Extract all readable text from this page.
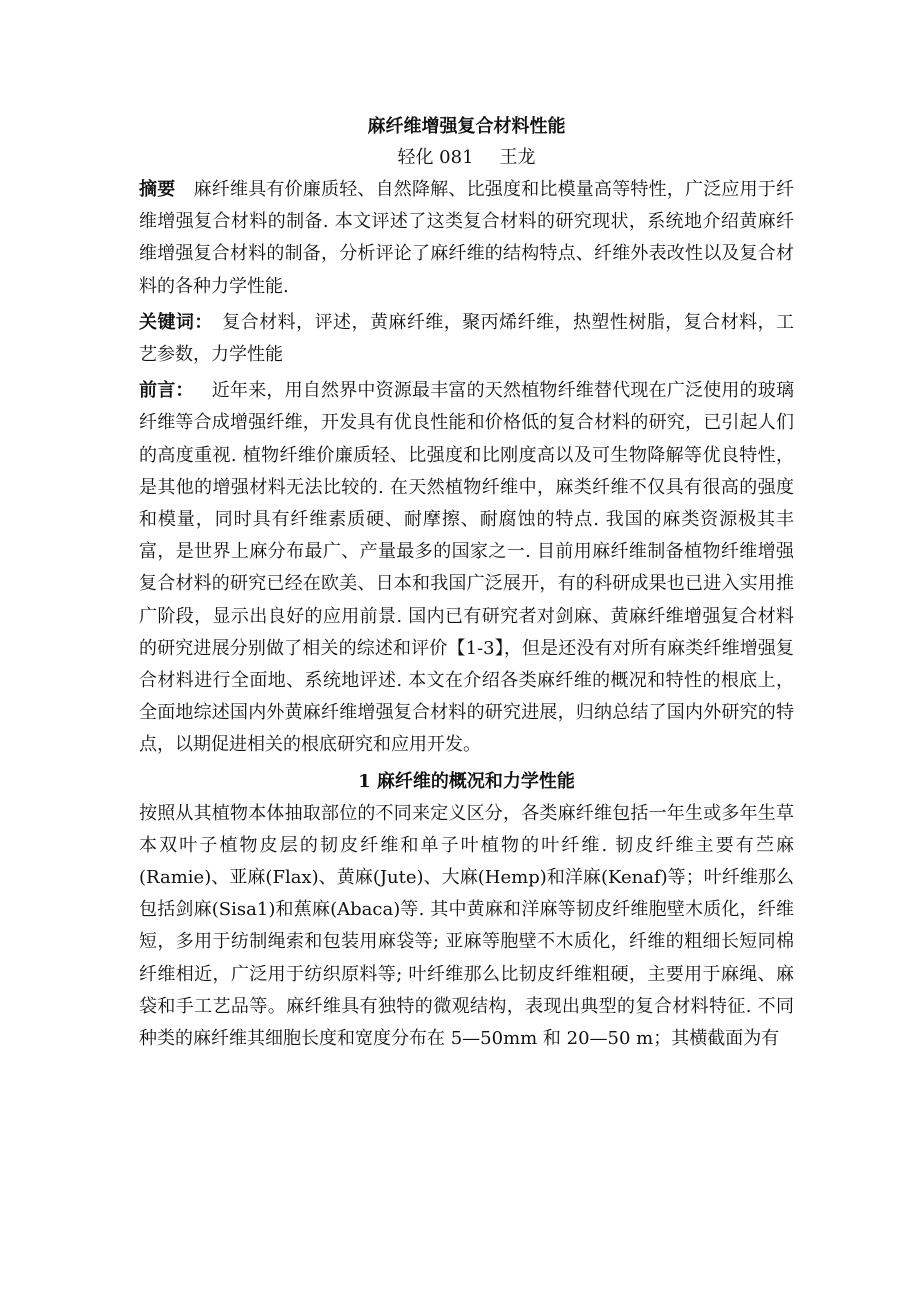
麻纤维增强复合材料性能

轻化 081 王龙

摘要  麻纤维具有价廉质轻、自然降解、比强度和比模量高等特性，广泛应用于纤维增强复合材料的制备. 本文评述了这类复合材料的研究现状，系统地介绍黄麻纤维增强复合材料的制备，分析评论了麻纤维的结构特点、纤维外表改性以及复合材料的各种力学性能.

关键词：  复合材料，评述，黄麻纤维，聚丙烯纤维，热塑性树脂，复合材料，工艺参数，力学性能

前言：  近年来，用自然界中资源最丰富的天然植物纤维替代现在广泛使用的玻璃纤维等合成增强纤维，开发具有优良性能和价格低的复合材料的研究，已引起人们的高度重视. 植物纤维价廉质轻、比强度和比刚度高以及可生物降解等优良特性，是其他的增强材料无法比较的. 在天然植物纤维中，麻类纤维不仅具有很高的强度和模量，同时具有纤维素质硬、耐摩擦、耐腐蚀的特点. 我国的麻类资源极其丰富，是世界上麻分布最广、产量最多的国家之一. 目前用麻纤维制备植物纤维增强复合材料的研究已经在欧美、日本和我国广泛展开，有的科研成果也已进入实用推广阶段，显示出良好的应用前景. 国内已有研究者对剑麻、黄麻纤维增强复合材料的研究进展分别做了相关的综述和评价【1-3】，但是还没有对所有麻类纤维增强复合材料进行全面地、系统地评述. 本文在介绍各类麻纤维的概况和特性的根底上，全面地综述国内外黄麻纤维增强复合材料的研究进展，归纳总结了国内外研究的特点，以期促进相关的根底研究和应用开发。

1 麻纤维的概况和力学性能

按照从其植物本体抽取部位的不同来定义区分，各类麻纤维包括一年生或多年生草本双叶子植物皮层的韧皮纤维和单子叶植物的叶纤维. 韧皮纤维主要有苎麻(Ramie)、亚麻(Flax)、黄麻(Jute)、大麻(Hemp)和洋麻(Kenaf)等；叶纤维那么包括剑麻(Sisa1)和蕉麻(Abaca)等. 其中黄麻和洋麻等韧皮纤维胞壁木质化，纤维短，多用于纺制绳索和包装用麻袋等; 亚麻等胞壁不木质化，纤维的粗细长短同棉纤维相近，广泛用于纺织原料等; 叶纤维那么比韧皮纤维粗硬，主要用于麻绳、麻袋和手工艺品等。麻纤维具有独特的微观结构，表现出典型的复合材料特征. 不同种类的麻纤维其细胞长度和宽度分布在 5—50mm 和 20—50 m；其横截面为有
